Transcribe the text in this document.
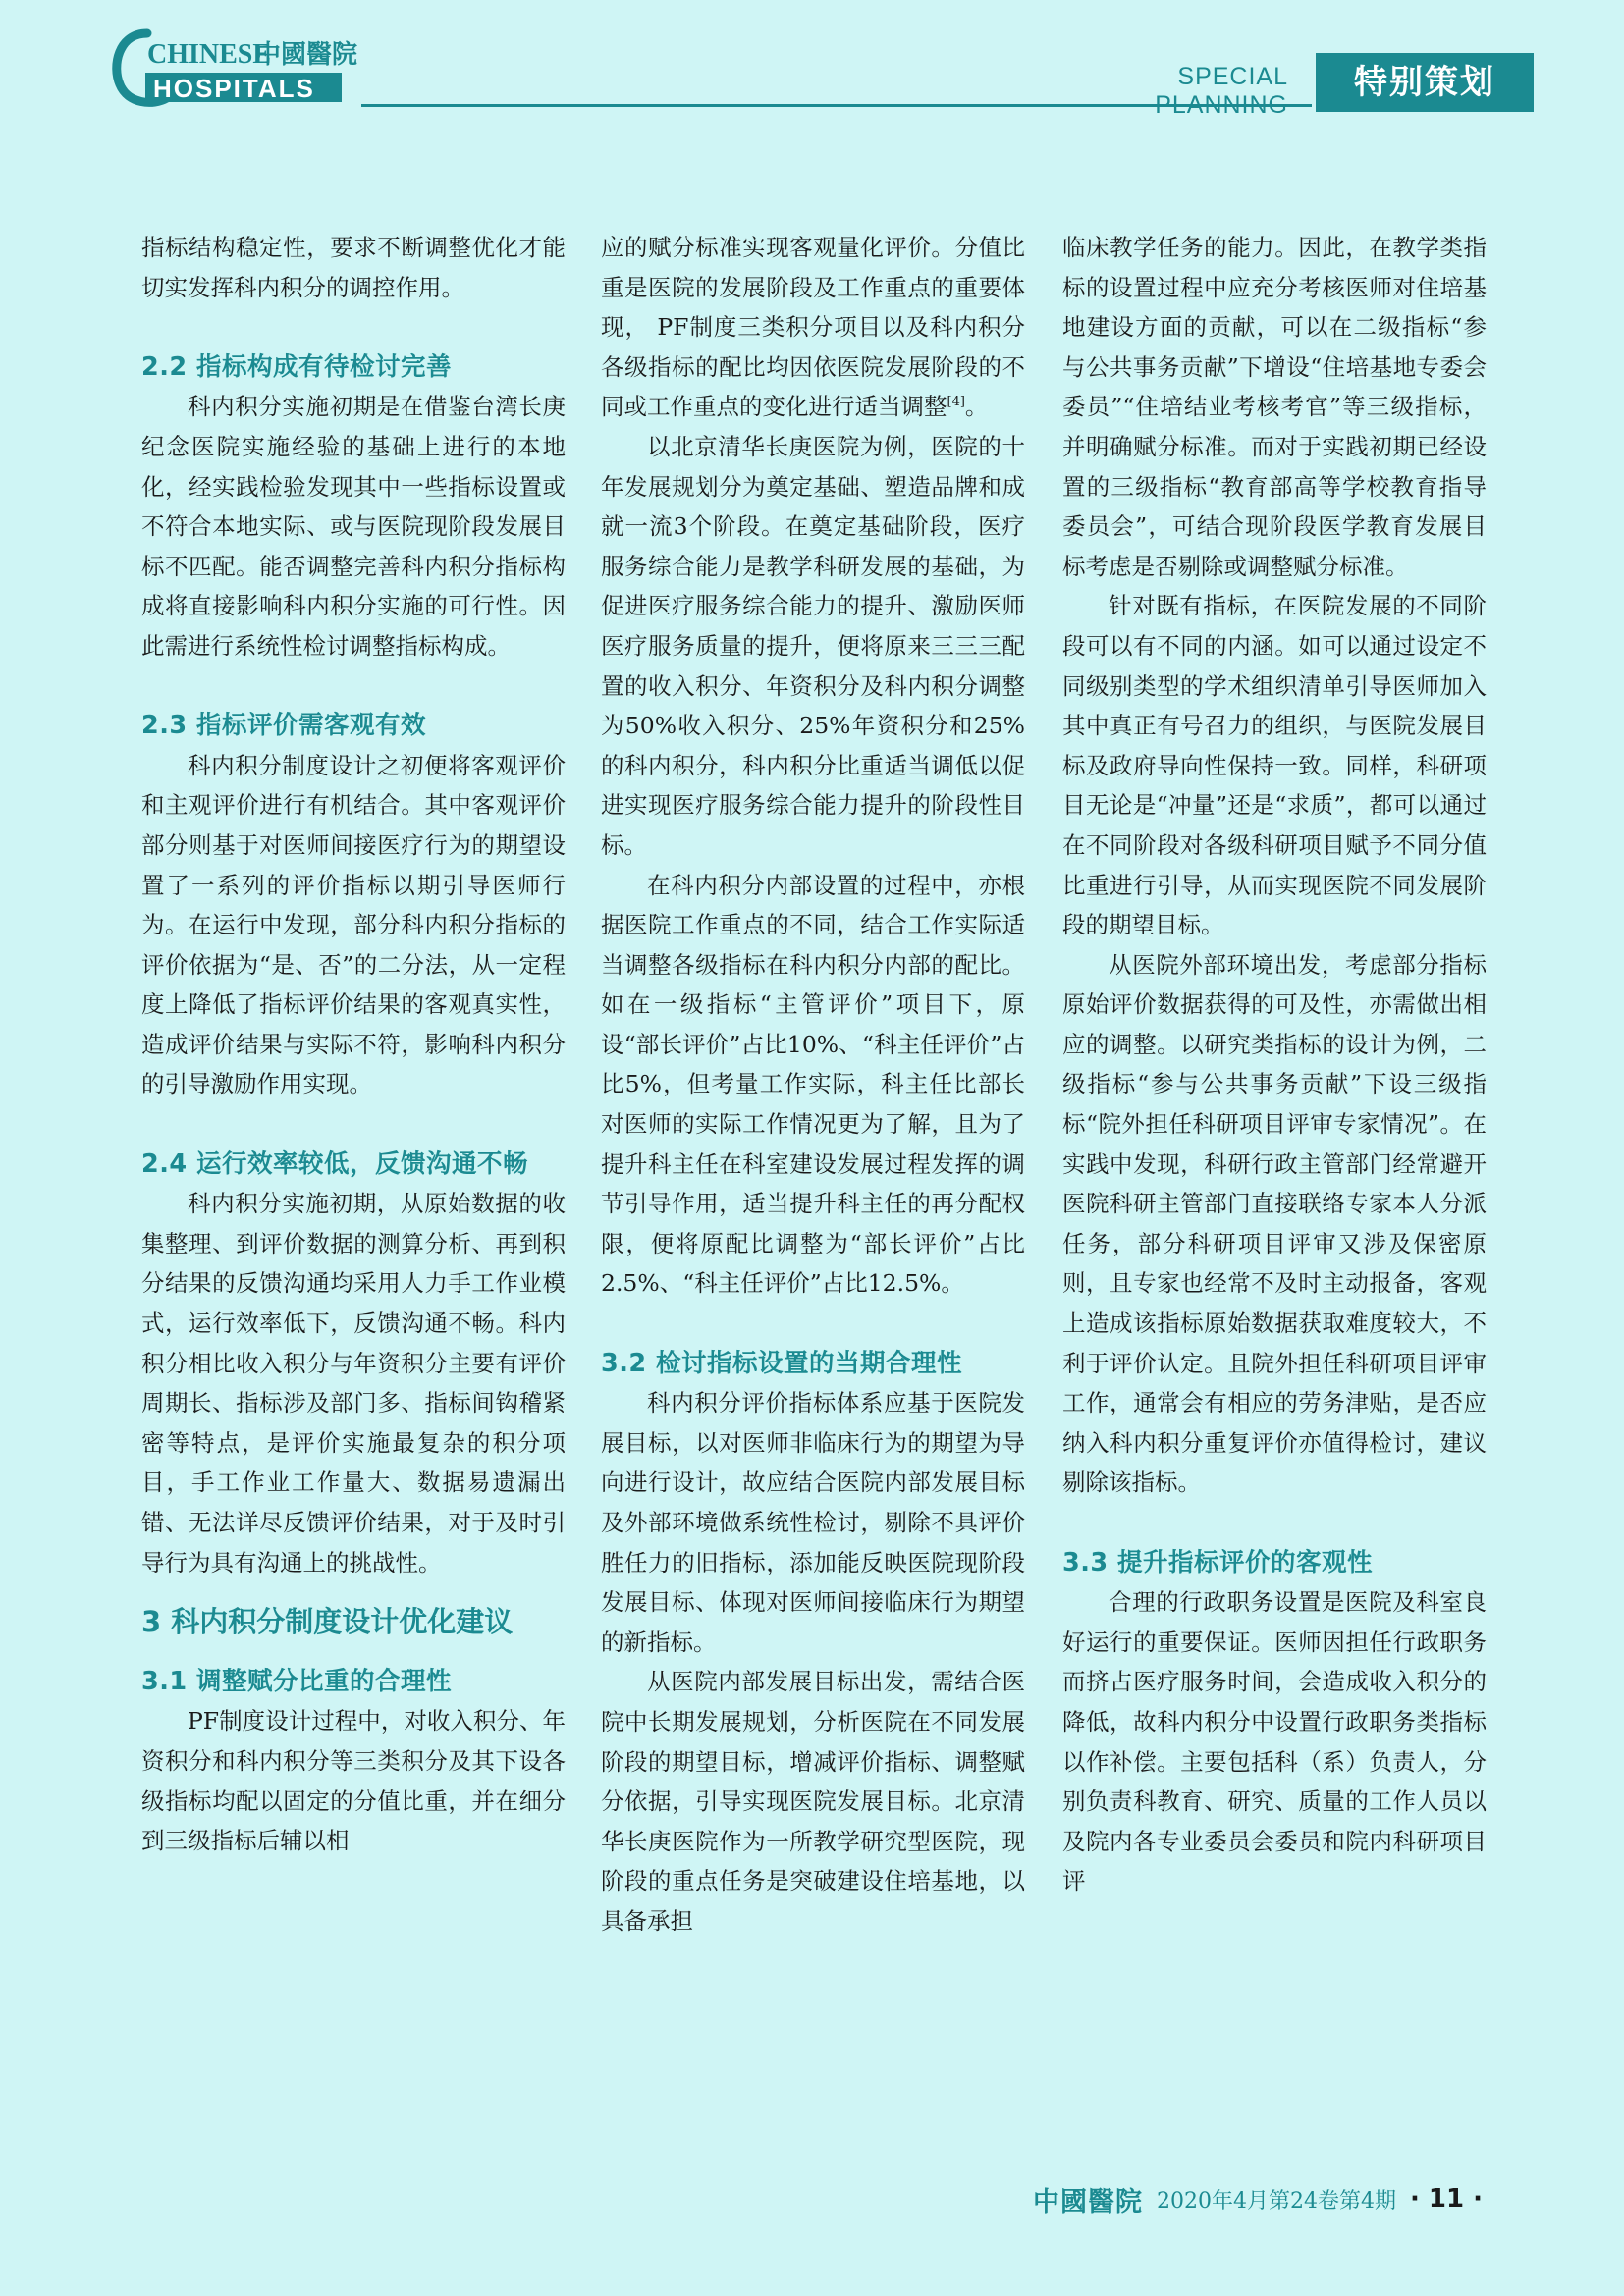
CHINESE
中國醫院
HOSPITALS	SPECIAL PLANNING
特别策划

指标结构稳定性，要求不断调整优化才能切实发挥科内积分的调控作用。

2.2 指标构成有待检讨完善

科内积分实施初期是在借鉴台湾长庚纪念医院实施经验的基础上进行的本地化，经实践检验发现其中一些指标设置或不符合本地实际、或与医院现阶段发展目标不匹配。能否调整完善科内积分指标构成将直接影响科内积分实施的可行性。因此需进行系统性检讨调整指标构成。

2.3 指标评价需客观有效

科内积分制度设计之初便将客观评价和主观评价进行有机结合。其中客观评价部分则基于对医师间接医疗行为的期望设置了一系列的评价指标以期引导医师行为。在运行中发现，部分科内积分指标的评价依据为“是、否”的二分法，从一定程度上降低了指标评价结果的客观真实性，造成评价结果与实际不符，影响科内积分的引导激励作用实现。

2.4 运行效率较低，反馈沟通不畅

科内积分实施初期，从原始数据的收集整理、到评价数据的测算分析、再到积分结果的反馈沟通均采用人力手工作业模式，运行效率低下，反馈沟通不畅。科内积分相比收入积分与年资积分主要有评价周期长、指标涉及部门多、指标间钩稽紧密等特点，是评价实施最复杂的积分项目，手工作业工作量大、数据易遗漏出错、无法详尽反馈评价结果，对于及时引导行为具有沟通上的挑战性。

3 科内积分制度设计优化建议
3.1 调整赋分比重的合理性

PF制度设计过程中，对收入积分、年资积分和科内积分等三类积分及其下设各级指标均配以固定的分值比重，并在细分到三级指标后辅以相

应的赋分标准实现客观量化评价。分值比重是医院的发展阶段及工作重点的重要体现， PF制度三类积分项目以及科内积分各级指标的配比均因依医院发展阶段的不同或工作重点的变化进行适当调整[4]。

以北京清华长庚医院为例，医院的十年发展规划分为奠定基础、塑造品牌和成就一流3个阶段。在奠定基础阶段，医疗服务综合能力是教学科研发展的基础，为促进医疗服务综合能力的提升、激励医师医疗服务质量的提升，便将原来三三三配置的收入积分、年资积分及科内积分调整为50%收入积分、25%年资积分和25%的科内积分，科内积分比重适当调低以促进实现医疗服务综合能力提升的阶段性目标。

在科内积分内部设置的过程中，亦根据医院工作重点的不同，结合工作实际适当调整各级指标在科内积分内部的配比。如在一级指标“主管评价”项目下，原设“部长评价”占比10%、“科主任评价”占比5%，但考量工作实际，科主任比部长对医师的实际工作情况更为了解，且为了提升科主任在科室建设发展过程发挥的调节引导作用，适当提升科主任的再分配权限，便将原配比调整为“部长评价”占比2.5%、“科主任评价”占比12.5%。

3.2 检讨指标设置的当期合理性

科内积分评价指标体系应基于医院发展目标，以对医师非临床行为的期望为导向进行设计，故应结合医院内部发展目标及外部环境做系统性检讨，剔除不具评价胜任力的旧指标，添加能反映医院现阶段发展目标、体现对医师间接临床行为期望的新指标。

从医院内部发展目标出发，需结合医院中长期发展规划，分析医院在不同发展阶段的期望目标，增减评价指标、调整赋分依据，引导实现医院发展目标。北京清华长庚医院作为一所教学研究型医院，现阶段的重点任务是突破建设住培基地，以具备承担

临床教学任务的能力。因此，在教学类指标的设置过程中应充分考核医师对住培基地建设方面的贡献，可以在二级指标“参与公共事务贡献”下增设“住培基地专委会委员”“住培结业考核考官”等三级指标，并明确赋分标准。而对于实践初期已经设置的三级指标“教育部高等学校教育指导委员会”，可结合现阶段医学教育发展目标考虑是否剔除或调整赋分标准。

针对既有指标，在医院发展的不同阶段可以有不同的内涵。如可以通过设定不同级别类型的学术组织清单引导医师加入其中真正有号召力的组织，与医院发展目标及政府导向性保持一致。同样，科研项目无论是“冲量”还是“求质”，都可以通过在不同阶段对各级科研项目赋予不同分值比重进行引导，从而实现医院不同发展阶段的期望目标。

从医院外部环境出发，考虑部分指标原始评价数据获得的可及性，亦需做出相应的调整。以研究类指标的设计为例，二级指标“参与公共事务贡献”下设三级指标“院外担任科研项目评审专家情况”。在实践中发现，科研行政主管部门经常避开医院科研主管部门直接联络专家本人分派任务，部分科研项目评审又涉及保密原则，且专家也经常不及时主动报备，客观上造成该指标原始数据获取难度较大，不利于评价认定。且院外担任科研项目评审工作，通常会有相应的劳务津贴，是否应纳入科内积分重复评价亦值得检讨，建议剔除该指标。

3.3 提升指标评价的客观性

合理的行政职务设置是医院及科室良好运行的重要保证。医师因担任行政职务而挤占医疗服务时间，会造成收入积分的降低，故科内积分中设置行政职务类指标以作补偿。主要包括科（系）负责人，分别负责科教育、研究、质量的工作人员以及院内各专业委员会委员和院内科研项目评

中國醫院 2020年4月第24卷第4期 · 11 ·
